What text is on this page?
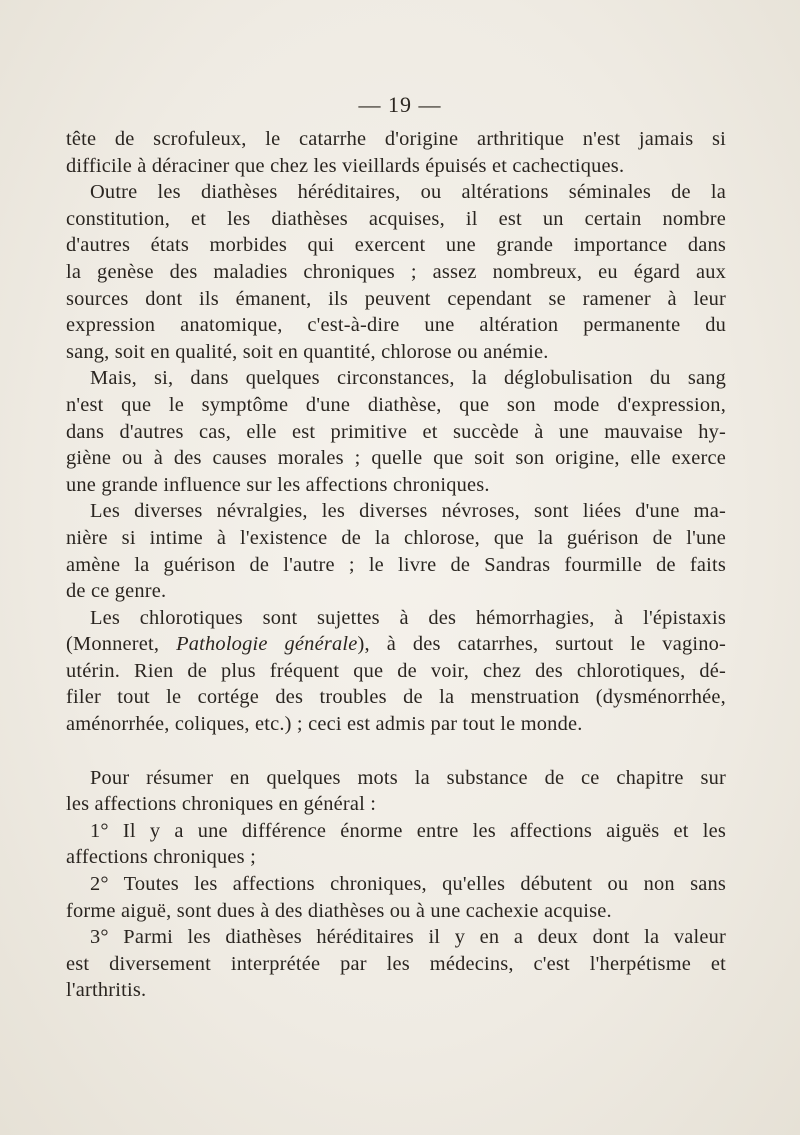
— 19 —
tête de scrofuleux, le catarrhe d'origine arthritique n'est jamais si
difficile à déraciner que chez les vieillards épuisés et cachectiques.
Outre les diathèses héréditaires, ou altérations séminales de la
constitution, et les diathèses acquises, il est un certain nombre
d'autres états morbides qui exercent une grande importance dans
la genèse des maladies chroniques ; assez nombreux, eu égard aux
sources dont ils émanent, ils peuvent cependant se ramener à leur
expression anatomique, c'est-à-dire une altération permanente du
sang, soit en qualité, soit en quantité, chlorose ou anémie.
Mais, si, dans quelques circonstances, la déglobulisation du sang
n'est que le symptôme d'une diathèse, que son mode d'expression,
dans d'autres cas, elle est primitive et succède à une mauvaise hy-
giène ou à des causes morales ; quelle que soit son origine, elle exerce
une grande influence sur les affections chroniques.
Les diverses névralgies, les diverses névroses, sont liées d'une ma-
nière si intime à l'existence de la chlorose, que la guérison de l'une
amène la guérison de l'autre ; le livre de Sandras fourmille de faits
de ce genre.
Les chlorotiques sont sujettes à des hémorrhagies, à l'épistaxis
(Monneret, Pathologie générale), à des catarrhes, surtout le vagino-
utérin. Rien de plus fréquent que de voir, chez des chlorotiques, dé-
filer tout le cortége des troubles de la menstruation (dysménorrhée,
aménorrhée, coliques, etc.) ; ceci est admis par tout le monde.
Pour résumer en quelques mots la substance de ce chapitre sur
les affections chroniques en général :
1° Il y a une différence énorme entre les affections aiguës et les
affections chroniques ;
2° Toutes les affections chroniques, qu'elles débutent ou non sans
forme aiguë, sont dues à des diathèses ou à une cachexie acquise.
3° Parmi les diathèses héréditaires il y en a deux dont la valeur
est diversement interprétée par les médecins, c'est l'herpétisme et
l'arthritis.
